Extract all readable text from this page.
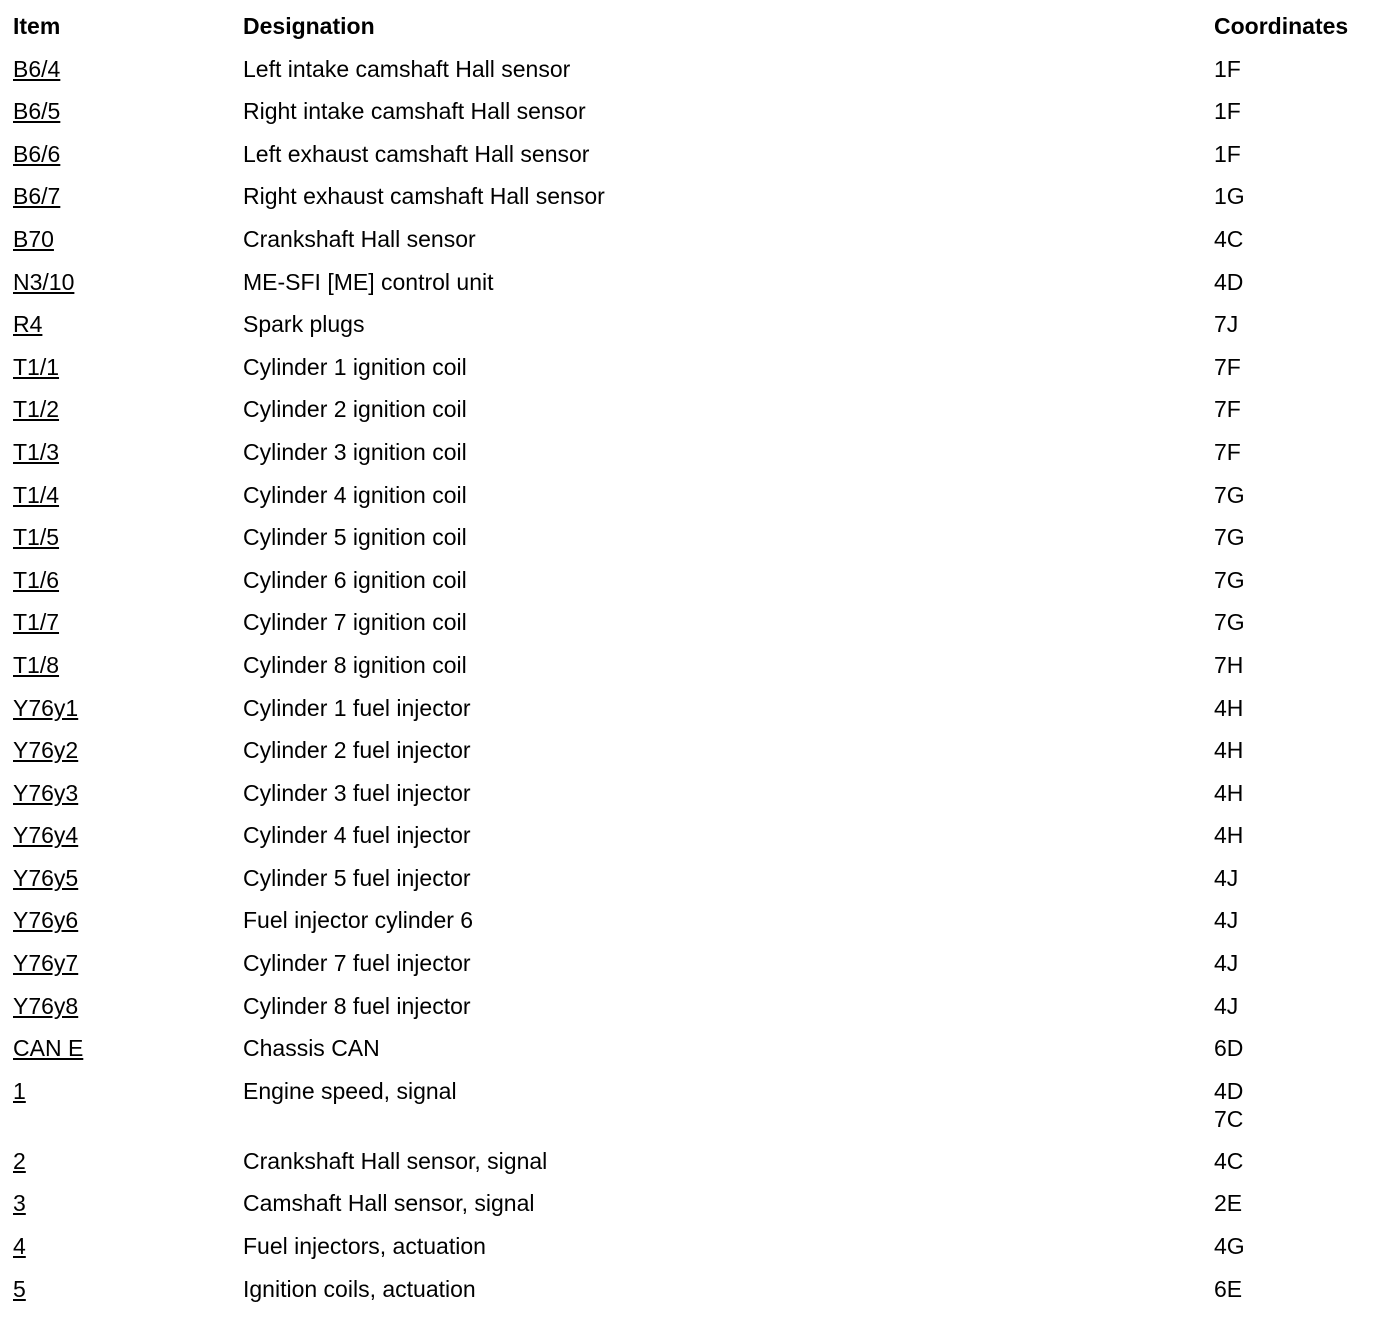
Item	Designation	Coordinates
B6/4	Left intake camshaft Hall sensor	1F
B6/5	Right intake camshaft Hall sensor	1F
B6/6	Left exhaust camshaft Hall sensor	1F
B6/7	Right exhaust camshaft Hall sensor	1G
B70	Crankshaft Hall sensor	4C
N3/10	ME-SFI [ME] control unit	4D
R4	Spark plugs	7J
T1/1	Cylinder 1 ignition coil	7F
T1/2	Cylinder 2 ignition coil	7F
T1/3	Cylinder 3 ignition coil	7F
T1/4	Cylinder 4 ignition coil	7G
T1/5	Cylinder 5 ignition coil	7G
T1/6	Cylinder 6 ignition coil	7G
T1/7	Cylinder 7 ignition coil	7G
T1/8	Cylinder 8 ignition coil	7H
Y76y1	Cylinder 1 fuel injector	4H
Y76y2	Cylinder 2 fuel injector	4H
Y76y3	Cylinder 3 fuel injector	4H
Y76y4	Cylinder 4 fuel injector	4H
Y76y5	Cylinder 5 fuel injector	4J
Y76y6	Fuel injector cylinder 6	4J
Y76y7	Cylinder 7 fuel injector	4J
Y76y8	Cylinder 8 fuel injector	4J
CAN E	Chassis CAN	6D
1	Engine speed, signal	4D
7C
2	Crankshaft Hall sensor, signal	4C
3	Camshaft Hall sensor, signal	2E
4	Fuel injectors, actuation	4G
5	Ignition coils, actuation	6E
